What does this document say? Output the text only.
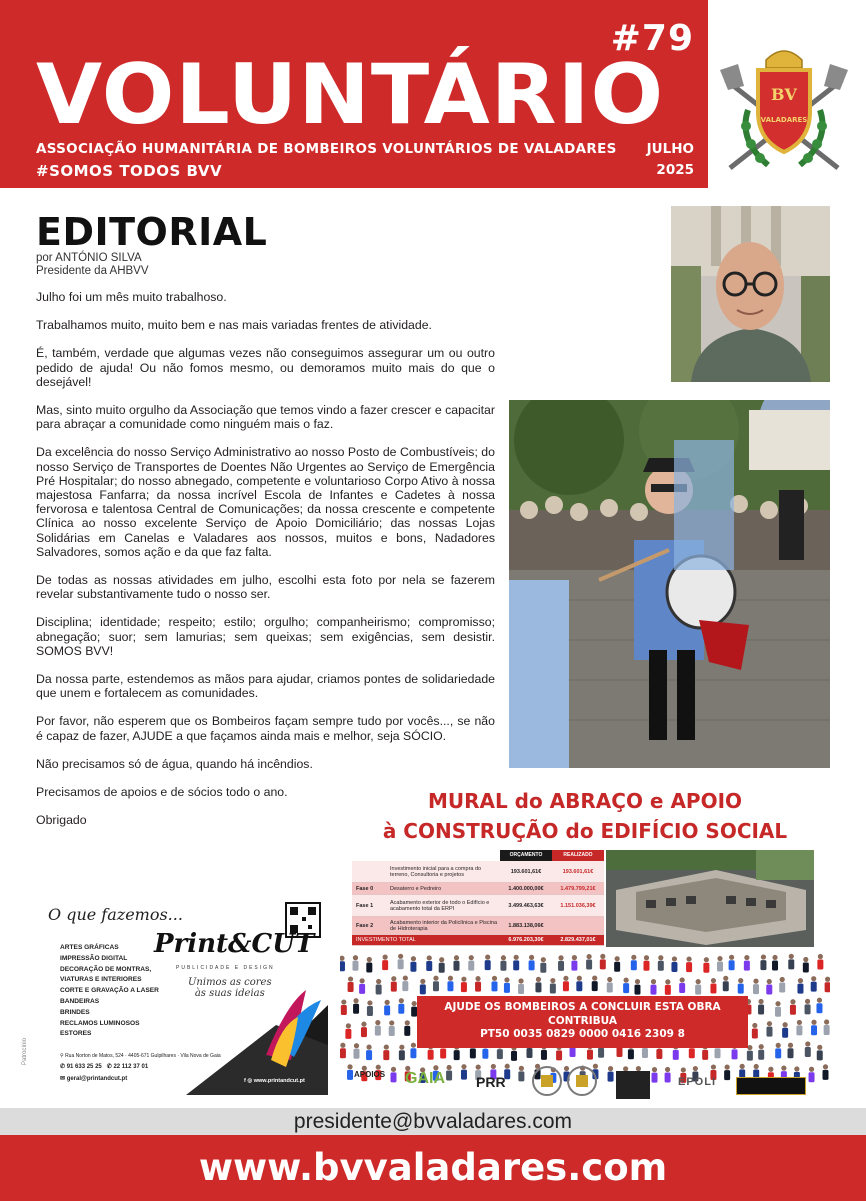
#79
VOLUNTÁRIO
ASSOCIAÇÃO HUMANITÁRIA DE BOMBEIROS VOLUNTÁRIOS DE VALADARES
#SOMOS TODOS BVV
JULHO
2025
BV
VALADARES
EDITORIAL
por ANTÓNIO SILVA
Presidente da AHBVV

Julho foi um mês muito trabalhoso.

Trabalhamos muito, muito bem e nas mais variadas frentes de atividade.

É, também, verdade que algumas vezes não conseguimos assegurar um ou outro pedido de ajuda! Ou não fomos mesmo, ou demoramos muito mais do que o desejável!

Mas, sinto muito orgulho da Associação que temos vindo a fazer crescer e capacitar para abraçar a comunidade como ninguém mais o faz.

Da excelência do nosso Serviço Administrativo ao nosso Posto de Combustíveis; do nosso Serviço de Transportes de Doentes Não Urgentes ao Serviço de Emergência Pré Hospitalar; do nosso abnegado, competente e voluntarioso Corpo Ativo à nossa majestosa Fanfarra; da nossa incrível Escola de Infantes e Cadetes à nossa fervorosa e talentosa Central de Comunicações; da nossa crescente e competente Clínica ao nosso excelente Serviço de Apoio Domiciliário; das nossas Lojas Solidárias em Canelas e Valadares aos nossos, muitos e bons, Nadadores Salvadores, somos ação e da que faz falta.

De todas as nossas atividades em julho, escolhi esta foto por nela se fazerem revelar substantivamente tudo o nosso ser.

Disciplina; identidade; respeito; estilo; orgulho; companheirismo; compromisso; abnegação; suor; sem lamurias; sem queixas; sem exigências, sem desistir. SOMOS BVV!

Da nossa parte, estendemos as mãos para ajudar, criamos pontes de solidariedade que unem e fortalecem as comunidades.

Por favor, não esperem que os Bombeiros façam sempre tudo por vocês..., se não é capaz de fazer, AJUDE a que façamos ainda mais e melhor, seja SÓCIO.

Não precisamos só de água, quando há incêndios.

Precisamos de apoios e de sócios todo o ano.

Obrigado

MURAL do ABRAÇO e APOIO
à CONSTRUÇÃO do EDIFÍCIO SOCIAL
ORÇAMENTO	REALIZADO
Investimento inicial para a compra do terreno, Consultoria e projetos	193.601,61€	193.601,61€
Fase 0	Desaterro e Pedreiro	1.400.000,00€	1.479.799,21€
Fase 1	Acabamento exterior de todo o Edifício e acabamento total da ERPI	3.499.463,63€	1.151.036,39€
Fase 2	Acabamento interior da Policlínica e Piscina de Hidroterapia	1.883.138,06€
INVESTIMENTO TOTAL	6.976.203,30€	2.829.437,01€
AJUDE OS BOMBEIROS A CONCLUIR ESTA OBRA
CONTRIBUA
PT50 0035 0829 0000 0416 2309 8
APOIOS GAIA PRR	EPOLI
O que fazemos...
ARTES GRÁFICAS
IMPRESSÃO DIGITAL
DECORAÇÃO DE MONTRAS,
VIATURAS E INTERIORES
CORTE E GRAVAÇÃO A LASER
BANDEIRAS
BRINDES
RECLAMOS LUMINOSOS
ESTORES
Print&CUT
PUBLICIDADE E DESIGN
Unimos as cores
às suas ideias
⚲ Rua Norton de Matos, 524 · 4405-671 Gulpilhares · Vila Nova de Gaia
✆ 91 633 25 25   ✆ 22 112 37 01
✉ geral@printandcut.pt	f ◎ www.printandcut.pt
Patrocínio
presidente@bvvaladares.com
www.bvvaladares.com
